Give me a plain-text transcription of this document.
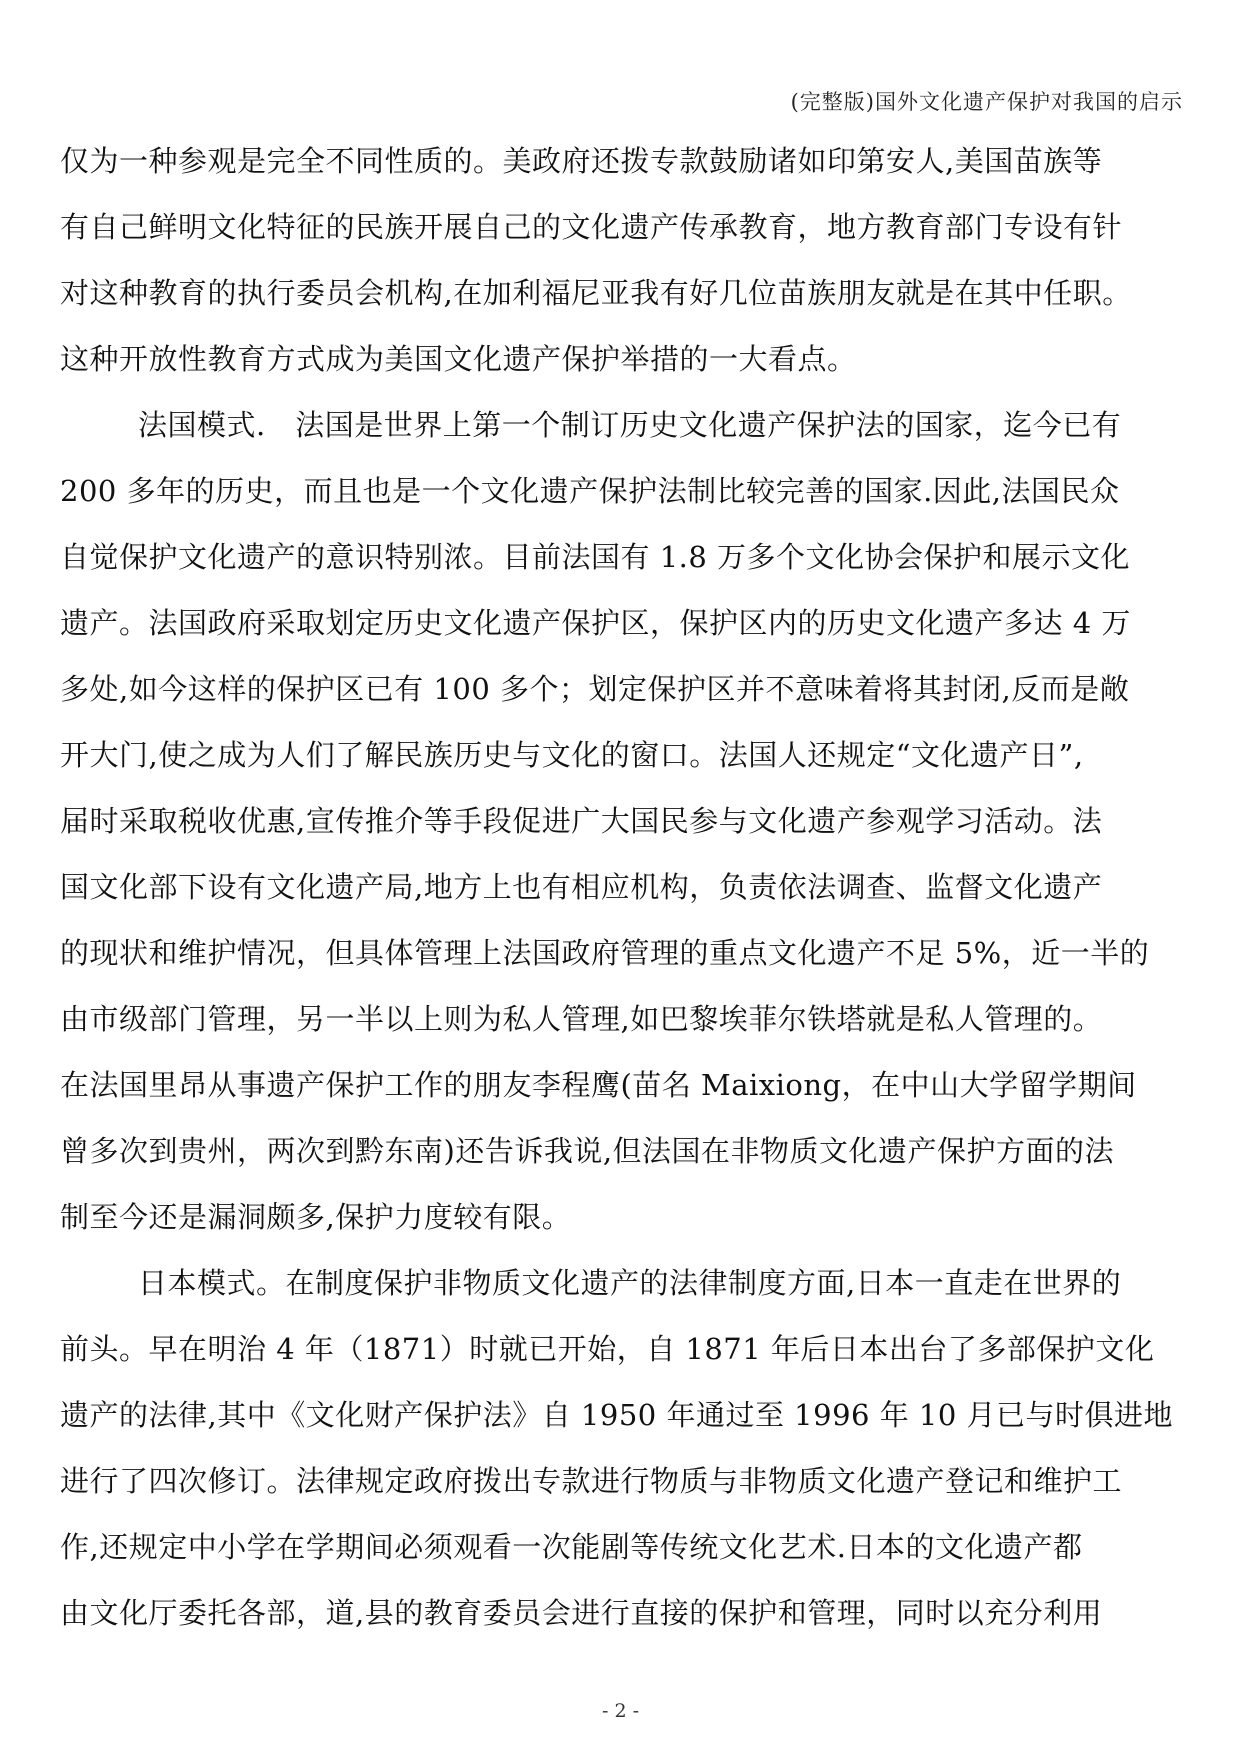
(完整版)国外文化遗产保护对我国的启示
仅为一种参观是完全不同性质的。美政府还拨专款鼓励诸如印第安人,美国苗族等
有自己鲜明文化特征的民族开展自己的文化遗产传承教育，地方教育部门专设有针
对这种教育的执行委员会机构,在加利福尼亚我有好几位苗族朋友就是在其中任职。
这种开放性教育方式成为美国文化遗产保护举措的一大看点。
法国模式.　法国是世界上第一个制订历史文化遗产保护法的国家，迄今已有
200 多年的历史，而且也是一个文化遗产保护法制比较完善的国家.因此,法国民众
自觉保护文化遗产的意识特别浓。目前法国有 1.8 万多个文化协会保护和展示文化
遗产。法国政府采取划定历史文化遗产保护区，保护区内的历史文化遗产多达 4 万
多处,如今这样的保护区已有 100 多个；划定保护区并不意味着将其封闭,反而是敞
开大门,使之成为人们了解民族历史与文化的窗口。法国人还规定“文化遗产日”,
届时采取税收优惠,宣传推介等手段促进广大国民参与文化遗产参观学习活动。法
国文化部下设有文化遗产局,地方上也有相应机构，负责依法调查、监督文化遗产
的现状和维护情况，但具体管理上法国政府管理的重点文化遗产不足 5%，近一半的
由市级部门管理，另一半以上则为私人管理,如巴黎埃菲尔铁塔就是私人管理的。
在法国里昂从事遗产保护工作的朋友李程鹰(苗名 Maixiong，在中山大学留学期间
曾多次到贵州，两次到黔东南)还告诉我说,但法国在非物质文化遗产保护方面的法
制至今还是漏洞颇多,保护力度较有限。
日本模式。在制度保护非物质文化遗产的法律制度方面,日本一直走在世界的
前头。早在明治 4 年（1871）时就已开始，自 1871 年后日本出台了多部保护文化
遗产的法律,其中《文化财产保护法》自 1950 年通过至 1996 年 10 月已与时俱进地
进行了四次修订。法律规定政府拨出专款进行物质与非物质文化遗产登记和维护工
作,还规定中小学在学期间必须观看一次能剧等传统文化艺术.日本的文化遗产都
由文化厅委托各部，道,县的教育委员会进行直接的保护和管理，同时以充分利用
- 2 -
